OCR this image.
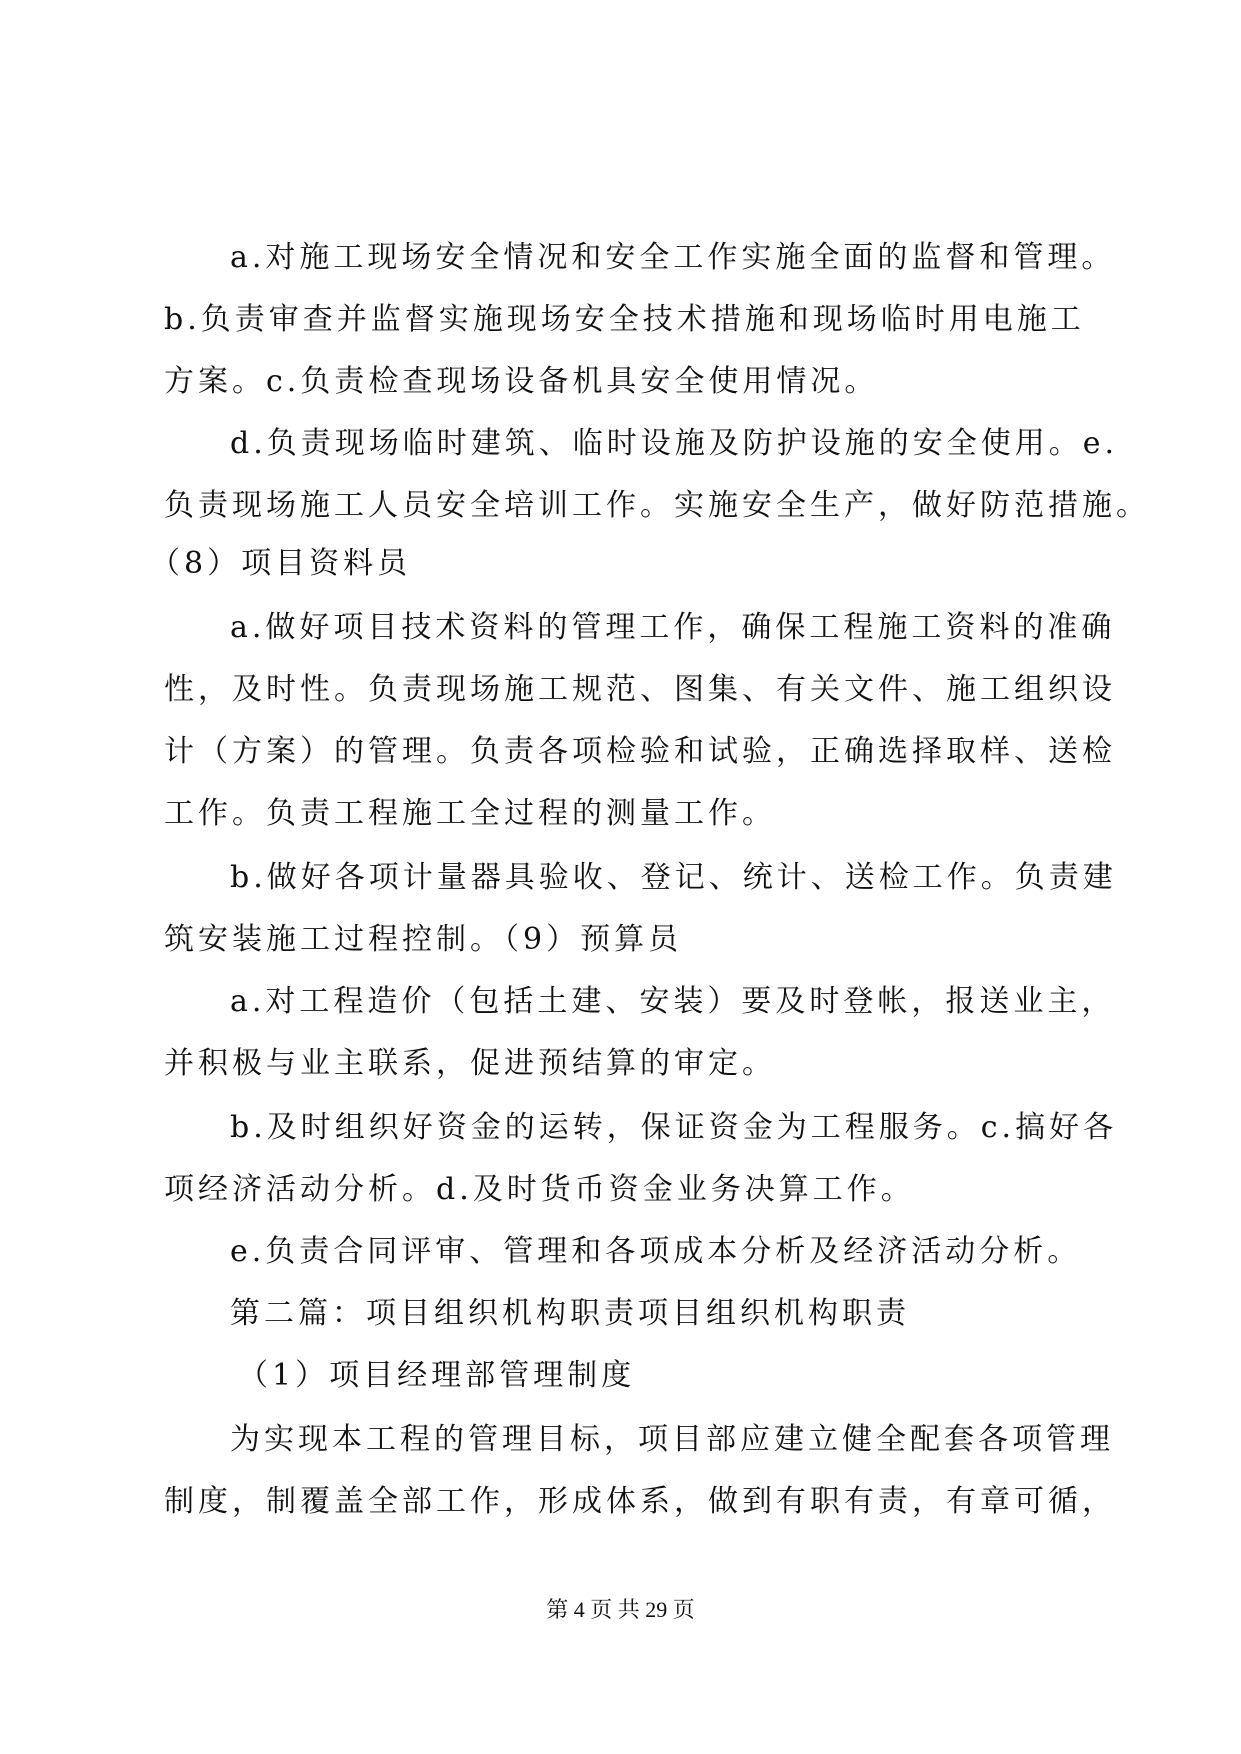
a.对施工现场安全情况和安全工作实施全面的监督和管理。
b.负责审查并监督实施现场安全技术措施和现场临时用电施工
方案。c.负责检查现场设备机具安全使用情况。
d.负责现场临时建筑、临时设施及防护设施的安全使用。e.
负责现场施工人员安全培训工作。实施安全生产，做好防范措施。
（8）项目资料员
a.做好项目技术资料的管理工作，确保工程施工资料的准确
性，及时性。负责现场施工规范、图集、有关文件、施工组织设
计（方案）的管理。负责各项检验和试验，正确选择取样、送检
工作。负责工程施工全过程的测量工作。
b.做好各项计量器具验收、登记、统计、送检工作。负责建
筑安装施工过程控制。（9）预算员
a.对工程造价（包括土建、安装）要及时登帐，报送业主，
并积极与业主联系，促进预结算的审定。
b.及时组织好资金的运转，保证资金为工程服务。c.搞好各
项经济活动分析。d.及时货币资金业务决算工作。
e.负责合同评审、管理和各项成本分析及经济活动分析。
第二篇：项目组织机构职责项目组织机构职责
（1）项目经理部管理制度
为实现本工程的管理目标，项目部应建立健全配套各项管理
制度，制覆盖全部工作，形成体系，做到有职有责，有章可循，
第 4 页 共 29 页
